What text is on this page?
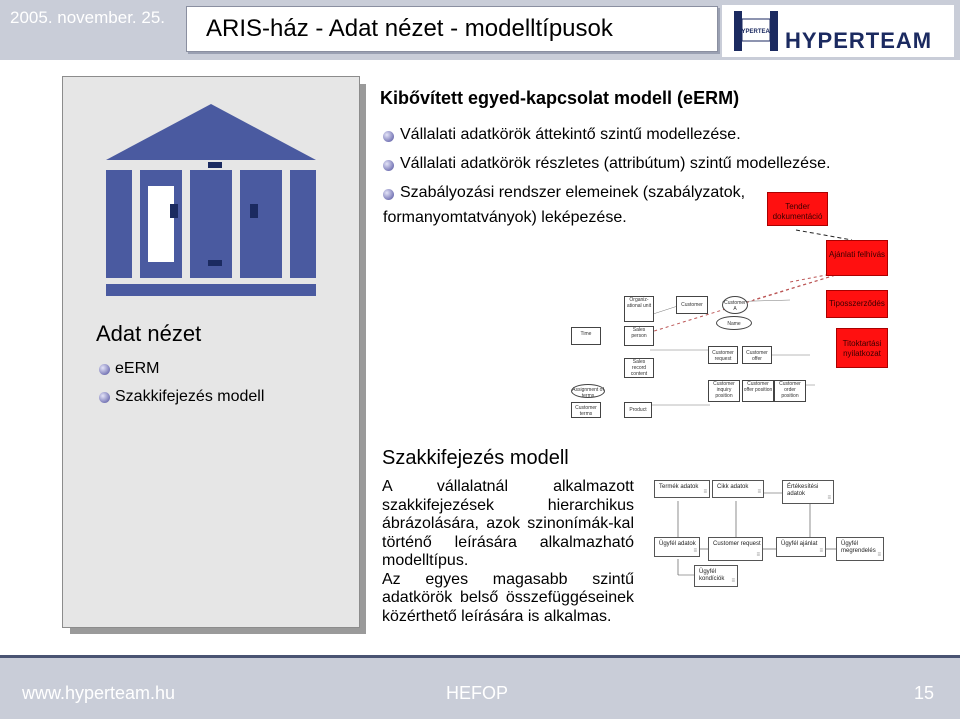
2005. november. 25. ARIS-ház - Adat nézet - modelltípusok	HYPERTEAM HYPERTEAM
Adat nézet
eERM
Szakkifejezés modell
Kibővített egyed-kapcsolat modell (eERM)
Vállalati adatkörök áttekintő szintű modellezése.
Vállalati adatkörök részletes (attribútum) szintű modellezése.
Szabályozási rendszer elemeinek (szabályzatok,
formanyomtatványok) leképezése.
Tender dokumentáció
Ajánlati felhívás
Tiposszerződés
Titoktartási nyilatkozat
Organiz-ational unit	Customer	Customer A
Name
Time
Sales person
Sales record content
Customer request
Customer offer
Assignment of terms
Customer inquiry position
Customer offer position
Customer order position
Customer terms
Product
Szakkifejezés modell
A vállalatnál alkalmazott szakkifejezések hierarchikus ábrázolására, azok szinonímák-kal történő leírására alkalmazható modelltípus.
Az egyes magasabb szintű adatkörök belső összefüggéseinek közérthető leírására is alkalmas.
Termék adatok
≡
Cikk adatok
≡
Értékesítési adatok
≡
Ügyfél adatok
≡
Customer request
≡
Ügyfél ajánlat
≡
Ügyfél megrendelés
≡
Ügyfél kondíciók ≡
www.hyperteam.hu	HEFOP	15
